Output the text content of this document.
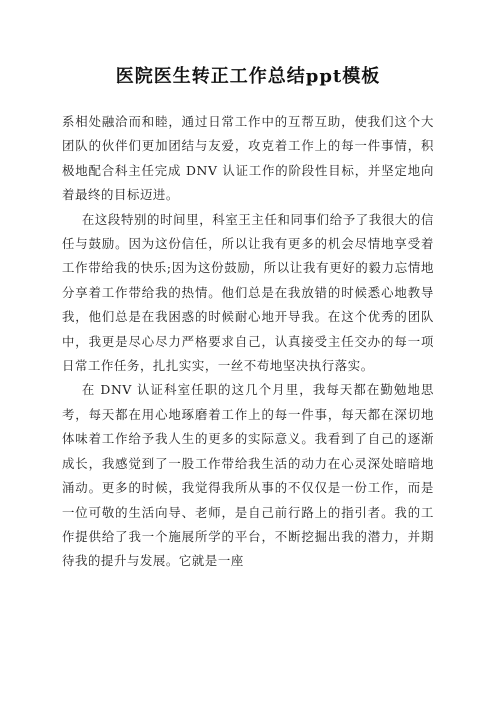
医院医生转正工作总结ppt模板

系相处融洽而和睦，通过日常工作中的互帮互助，使我们这个大团队的伙伴们更加团结与友爱，攻克着工作上的每一件事情，积极地配合科主任完成 DNV 认证工作的阶段性目标，并坚定地向着最终的目标迈进。

在这段特别的时间里，科室王主任和同事们给予了我很大的信任与鼓励。因为这份信任，所以让我有更多的机会尽情地享受着工作带给我的快乐;因为这份鼓励，所以让我有更好的毅力忘情地分享着工作带给我的热情。他们总是在我放错的时候悉心地教导我，他们总是在我困惑的时候耐心地开导我。在这个优秀的团队中，我更是尽心尽力严格要求自己，认真接受主任交办的每一项日常工作任务，扎扎实实，一丝不苟地坚决执行落实。

在 DNV 认证科室任职的这几个月里，我每天都在勤勉地思考，每天都在用心地琢磨着工作上的每一件事，每天都在深切地体味着工作给予我人生的更多的实际意义。我看到了自己的逐渐成长，我感觉到了一股工作带给我生活的动力在心灵深处暗暗地涌动。更多的时候，我觉得我所从事的不仅仅是一份工作，而是一位可敬的生活向导、老师，是自己前行路上的指引者。我的工作提供给了我一个施展所学的平台，不断挖掘出我的潜力，并期待我的提升与发展。它就是一座
